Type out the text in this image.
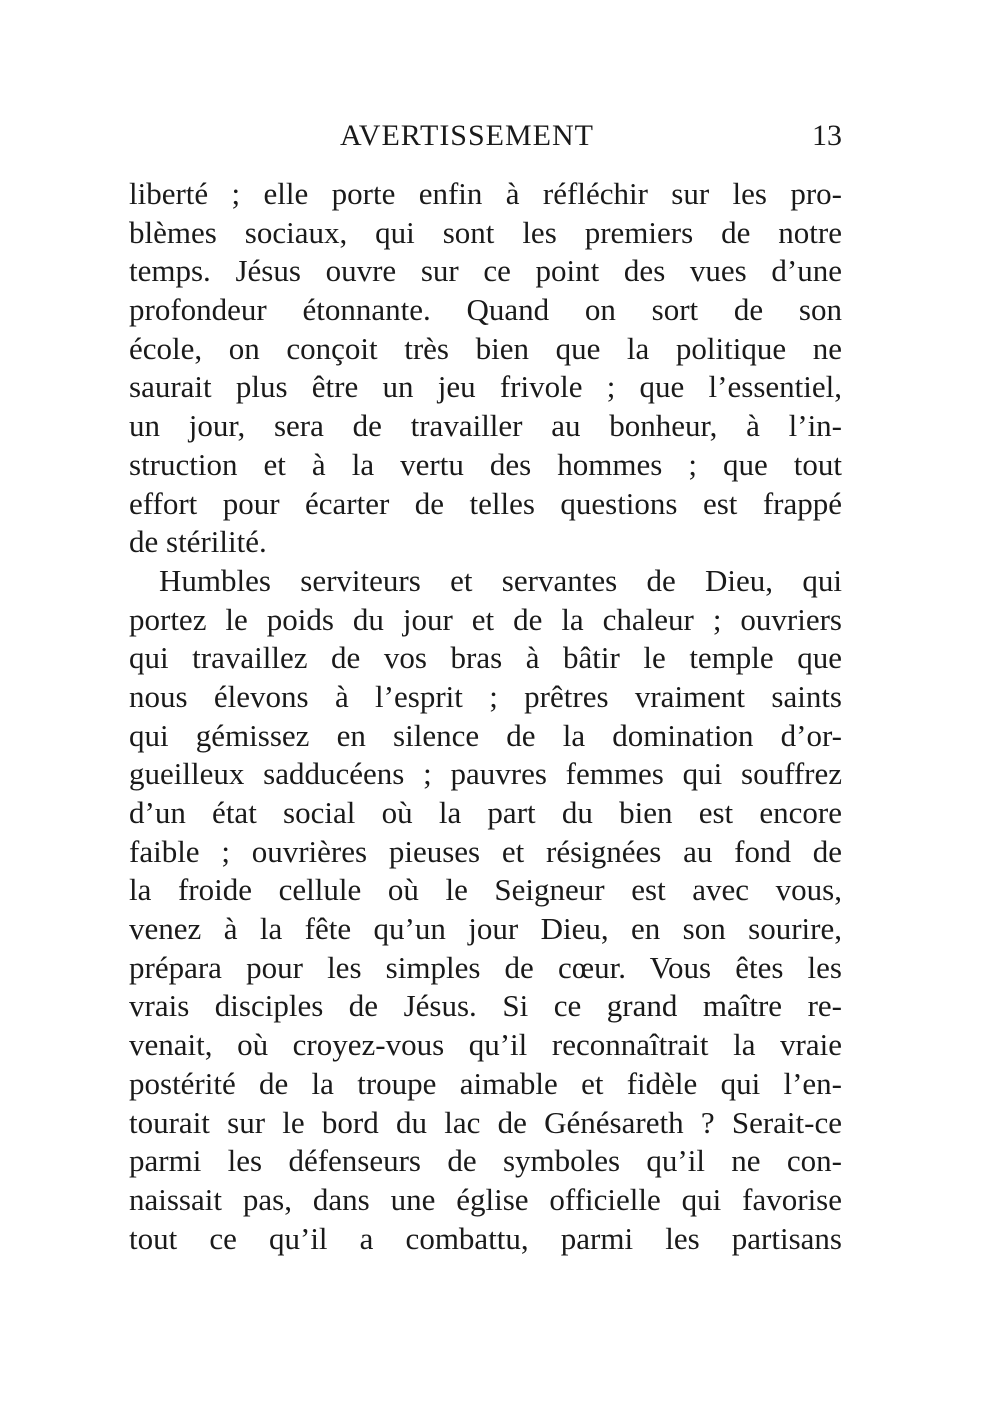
AVERTISSEMENT	13
liberté ; elle porte enfin à réfléchir sur les pro-
blèmes sociaux, qui sont les premiers de notre
temps. Jésus ouvre sur ce point des vues d’une
profondeur étonnante. Quand on sort de son
école, on conçoit très bien que la politique ne
saurait plus être un jeu frivole ; que l’essentiel,
un jour, sera de travailler au bonheur, à l’in-
struction et à la vertu des hommes ; que tout
effort pour écarter de telles questions est frappé
de stérilité.
Humbles serviteurs et servantes de Dieu, qui
portez le poids du jour et de la chaleur ; ouvriers
qui travaillez de vos bras à bâtir le temple que
nous élevons à l’esprit ; prêtres vraiment saints
qui gémissez en silence de la domination d’or-
gueilleux sadducéens ; pauvres femmes qui souffrez
d’un état social où la part du bien est encore
faible ; ouvrières pieuses et résignées au fond de
la froide cellule où le Seigneur est avec vous,
venez à la fête qu’un jour Dieu, en son sourire,
prépara pour les simples de cœur. Vous êtes les
vrais disciples de Jésus. Si ce grand maître re-
venait, où croyez-vous qu’il reconnaîtrait la vraie
postérité de la troupe aimable et fidèle qui l’en-
tourait sur le bord du lac de Génésareth ? Serait-ce
parmi les défenseurs de symboles qu’il ne con-
naissait pas, dans une église officielle qui favorise
tout ce qu’il a combattu, parmi les partisans
